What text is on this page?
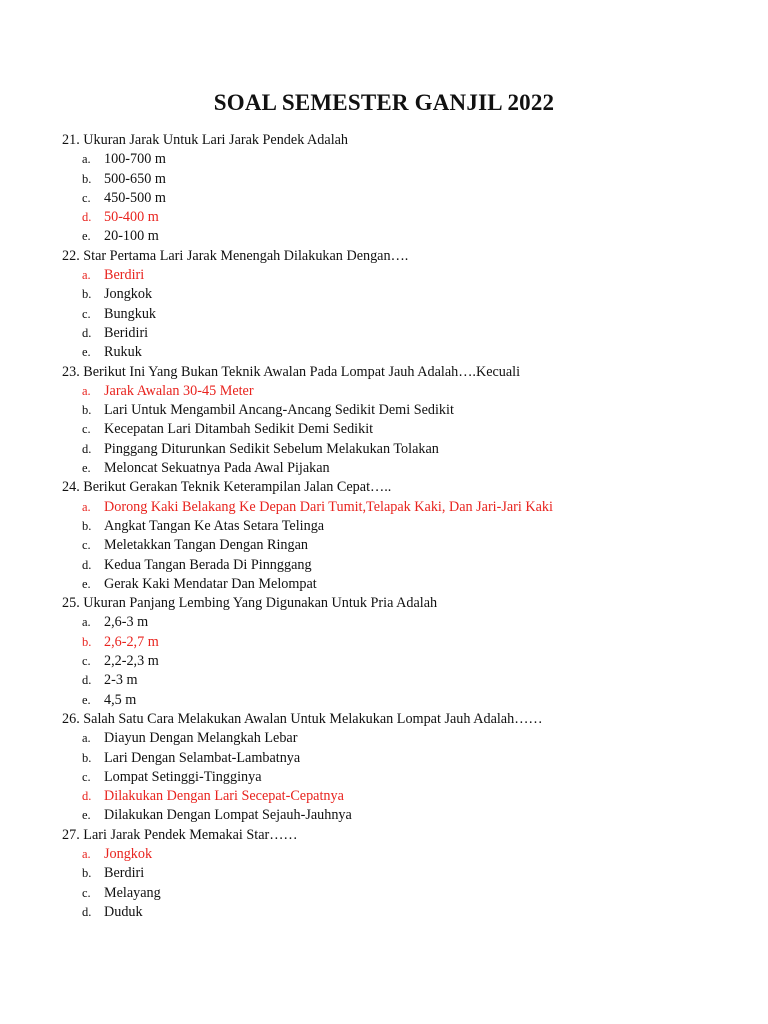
SOAL SEMESTER GANJIL 2022
21. Ukuran Jarak Untuk Lari Jarak Pendek Adalah
a. 100-700 m
b. 500-650 m
c. 450-500 m
d. 50-400 m
e. 20-100 m
22. Star Pertama Lari Jarak Menengah Dilakukan Dengan….
a. Berdiri
b. Jongkok
c. Bungkuk
d. Beridiri
e. Rukuk
23. Berikut Ini Yang Bukan Teknik Awalan Pada Lompat Jauh Adalah….Kecuali
a. Jarak Awalan 30-45 Meter
b. Lari Untuk Mengambil Ancang-Ancang Sedikit Demi Sedikit
c. Kecepatan Lari Ditambah Sedikit Demi Sedikit
d. Pinggang Diturunkan Sedikit Sebelum Melakukan Tolakan
e. Meloncat Sekuatnya Pada Awal Pijakan
24. Berikut Gerakan Teknik Keterampilan Jalan Cepat…..
a. Dorong Kaki Belakang Ke Depan Dari Tumit,Telapak Kaki, Dan Jari-Jari Kaki
b. Angkat Tangan Ke Atas Setara Telinga
c. Meletakkan Tangan Dengan Ringan
d. Kedua Tangan Berada Di Pinnggang
e. Gerak Kaki Mendatar Dan Melompat
25. Ukuran Panjang Lembing Yang Digunakan Untuk Pria Adalah
a. 2,6-3 m
b. 2,6-2,7 m
c. 2,2-2,3 m
d. 2-3 m
e. 4,5 m
26. Salah Satu Cara Melakukan Awalan Untuk Melakukan Lompat Jauh Adalah……
a. Diayun Dengan Melangkah Lebar
b. Lari Dengan Selambat-Lambatnya
c. Lompat Setinggi-Tingginya
d. Dilakukan Dengan Lari Secepat-Cepatnya
e. Dilakukan Dengan Lompat Sejauh-Jauhnya
27. Lari Jarak Pendek Memakai Star……
a. Jongkok
b. Berdiri
c. Melayang
d. Duduk
